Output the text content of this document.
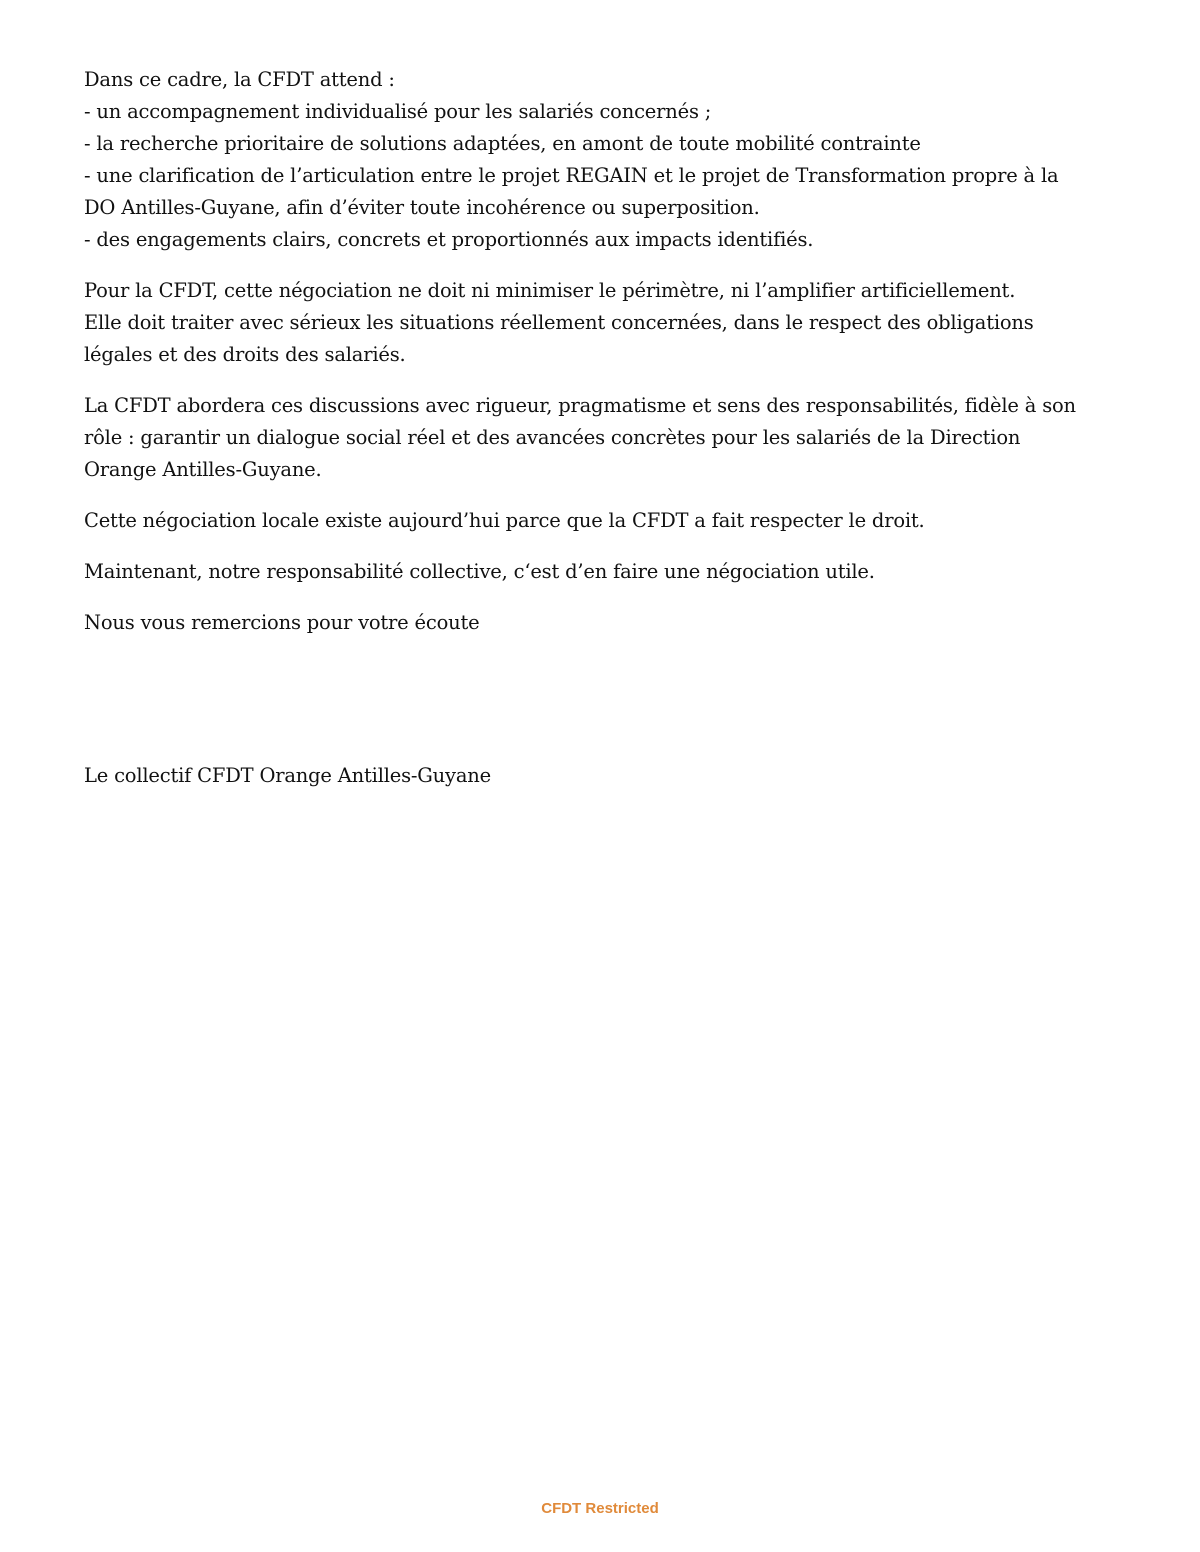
Dans ce cadre, la CFDT attend :
- un accompagnement individualisé pour les salariés concernés ;
- la recherche prioritaire de solutions adaptées, en amont de toute mobilité contrainte
- une clarification de l’articulation entre le projet REGAIN et le projet de Transformation propre à la
DO Antilles-Guyane, afin d’éviter toute incohérence ou superposition.
- des engagements clairs, concrets et proportionnés aux impacts identifiés.

Pour la CFDT, cette négociation ne doit ni minimiser le périmètre, ni l’amplifier artificiellement.
Elle doit traiter avec sérieux les situations réellement concernées, dans le respect des obligations
légales et des droits des salariés.

La CFDT abordera ces discussions avec rigueur, pragmatisme et sens des responsabilités, fidèle à son
rôle : garantir un dialogue social réel et des avancées concrètes pour les salariés de la Direction
Orange Antilles-Guyane.

Cette négociation locale existe aujourd’hui parce que la CFDT a fait respecter le droit.

Maintenant, notre responsabilité collective, c‘est d’en faire une négociation utile.

Nous vous remercions pour votre écoute

Le collectif CFDT Orange Antilles-Guyane
CFDT Restricted
